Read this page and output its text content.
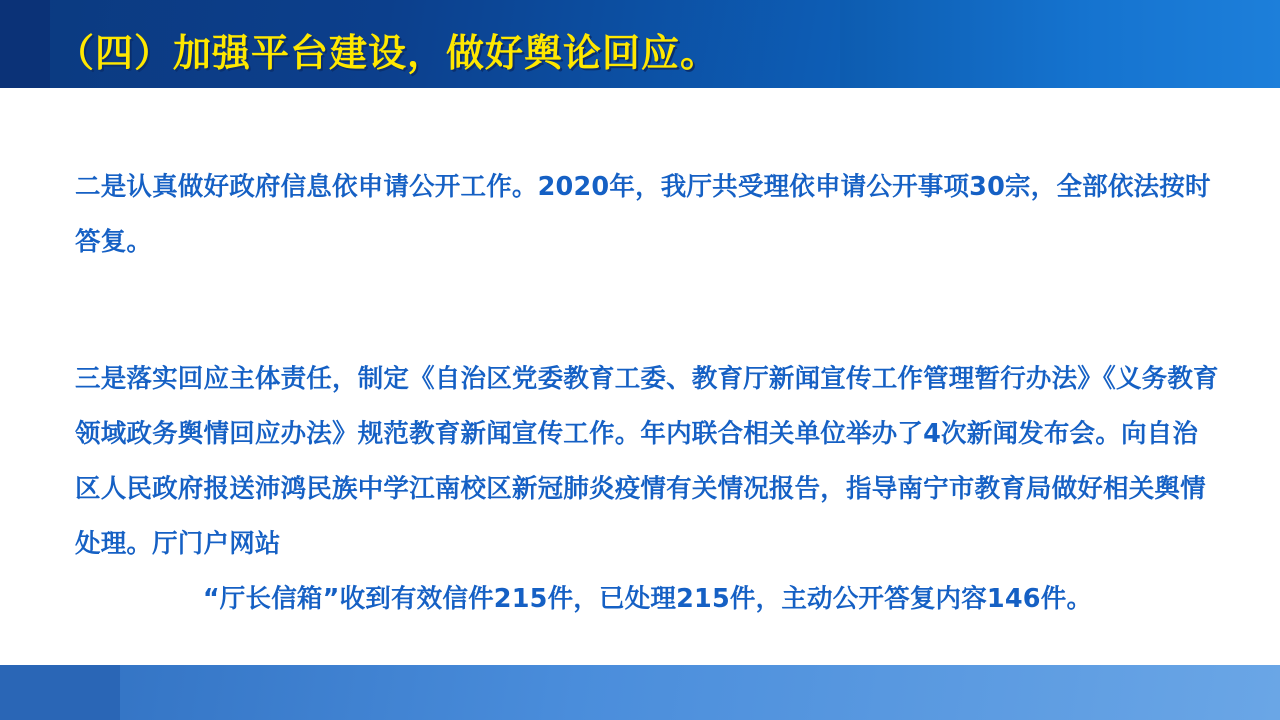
（四）加强平台建设，做好舆论回应。
二是认真做好政府信息依申请公开工作。2020年，我厅共受理依申请公开事项30宗，全部依法按时答复。
三是落实回应主体责任，制定《自治区党委教育工委、教育厅新闻宣传工作管理暂行办法》《义务教育领域政务舆情回应办法》规范教育新闻宣传工作。年内联合相关单位举办了4次新闻发布会。向自治区人民政府报送沛鸿民族中学江南校区新冠肺炎疫情有关情况报告，指导南宁市教育局做好相关舆情处理。厅门户网站
“厅长信箱”收到有效信件215件，已处理215件，主动公开答复内容146件。
